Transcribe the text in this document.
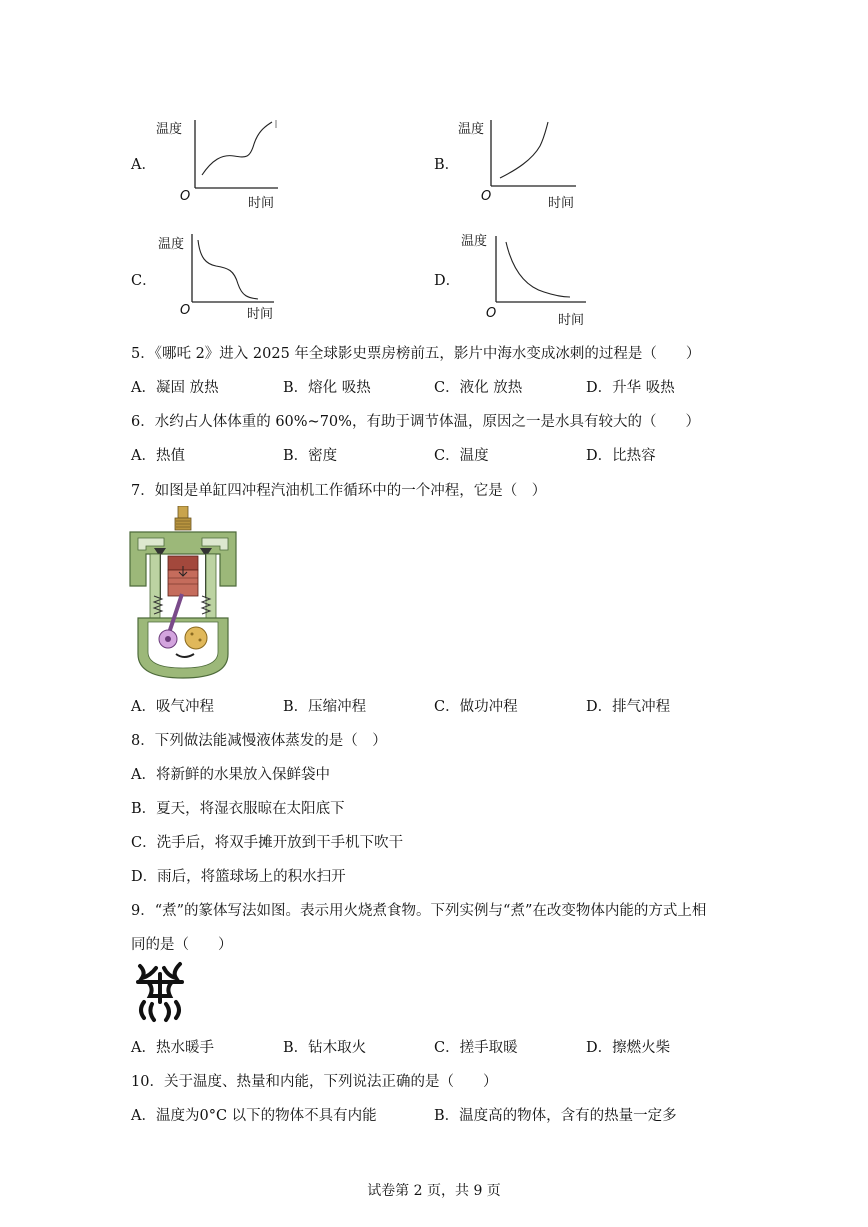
A．
温度
O	时间
B．
温度
O	时间
C．
温度
O	时间
D．
温度
O	时间
5．《哪吒 2》进入 2025 年全球影史票房榜前五，影片中海水变成冰刺的过程是（　　）
A．凝固 放热	B．熔化 吸热	C．液化 放热	D．升华 吸热
6．水约占人体体重的 60%~70%，有助于调节体温，原因之一是水具有较大的（　　）
A．热值	B．密度	C．温度	D．比热容
7．如图是单缸四冲程汽油机工作循环中的一个冲程，它是（　）
A．吸气冲程	B．压缩冲程	C．做功冲程	D．排气冲程
8．下列做法能减慢液体蒸发的是（　）
A．将新鲜的水果放入保鲜袋中
B．夏天，将湿衣服晾在太阳底下
C．洗手后，将双手摊开放到干手机下吹干
D．雨后，将篮球场上的积水扫开
9．“煮”的篆体写法如图。表示用火烧煮食物。下列实例与“煮”在改变物体内能的方式上相
同的是（　　）
A．热水暖手	B．钻木取火	C．搓手取暖	D．擦燃火柴
10．关于温度、热量和内能，下列说法正确的是（　　）
A．温度为0°C 以下的物体不具有内能	B．温度高的物体，含有的热量一定多
试卷第 2 页，共 9 页
